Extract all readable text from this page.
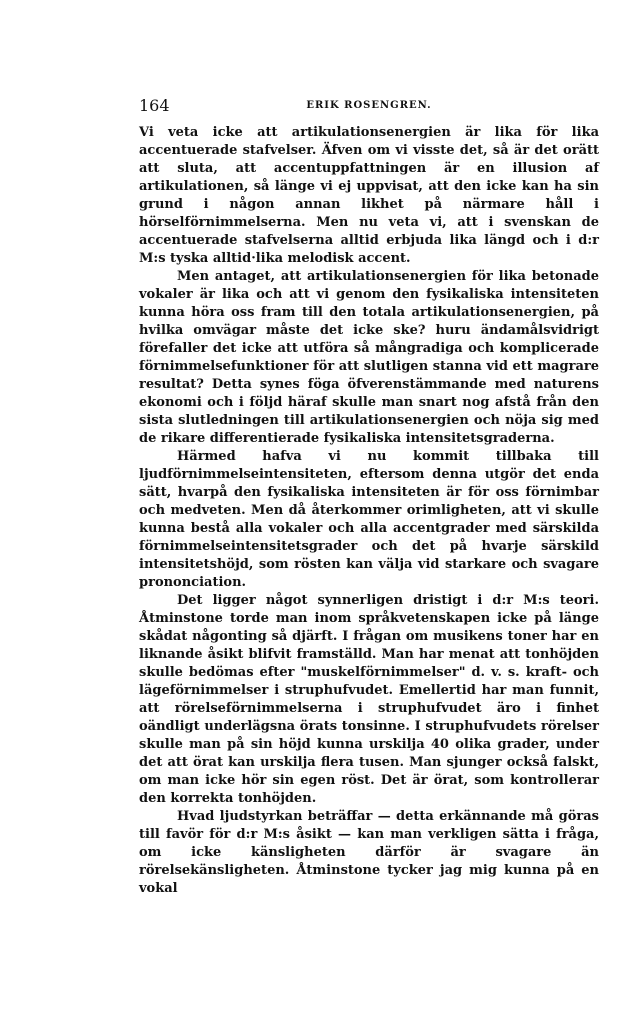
164	ERIK ROSENGREN.

Vi veta icke att artikulationsenergien är lika för lika accentuerade stafvelser. Äfven om vi visste det, så är det orätt att sluta, att accentuppfattningen är en illusion af artikulationen, så länge vi ej uppvisat, att den icke kan ha sin grund i någon annan likhet på närmare håll i hörselförnimmelserna. Men nu veta vi, att i svenskan de accentuerade stafvelserna alltid erbjuda lika längd och i d:r M:s tyska alltid·lika melodisk accent.

Men antaget, att artikulationsenergien för lika betonade vokaler är lika och att vi genom den fysikaliska intensiteten kunna höra oss fram till den totala artikulationsenergien, på hvilka omvägar måste det icke ske? huru ändamålsvidrigt förefaller det icke att utföra så mångradiga och komplicerade förnimmelsefunktioner för att slutligen stanna vid ett magrare resultat? Detta synes föga öfverenstämmande med naturens ekonomi och i följd häraf skulle man snart nog afstå från den sista slutledningen till artikulationsenergien och nöja sig med de rikare differentierade fysikaliska intensitetsgraderna.

Härmed hafva vi nu kommit tillbaka till ljudförnimmelseintensiteten, eftersom denna utgör det enda sätt, hvarpå den fysikaliska intensiteten är för oss förnimbar och medveten. Men då återkommer orimligheten, att vi skulle kunna bestå alla vokaler och alla accentgrader med särskilda förnimmelseintensitetsgrader och det på hvarje särskild intensitetshöjd, som rösten kan välja vid starkare och svagare prononciation.

Det ligger något synnerligen dristigt i d:r M:s teori. Åtminstone torde man inom språkvetenskapen icke på länge skådat någonting så djärft. I frågan om musikens toner har en liknande åsikt blifvit framställd. Man har menat att tonhöjden skulle bedömas efter "muskelförnimmelser" d. v. s. kraft- och lägeförnimmelser i struphufvudet. Emellertid har man funnit, att rörelseförnimmelserna i struphufvudet äro i finhet oändligt underlägsna örats tonsinne. I struphufvudets rörelser skulle man på sin höjd kunna urskilja 40 olika grader, under det att örat kan urskilja flera tusen. Man sjunger också falskt, om man icke hör sin egen röst. Det är örat, som kontrollerar den korrekta tonhöjden.

Hvad ljudstyrkan beträffar — detta erkännande må göras till favör för d:r M:s åsikt — kan man verkligen sätta i fråga, om icke känsligheten därför är svagare än rörelsekänsligheten. Åtminstone tycker jag mig kunna på en vokal
